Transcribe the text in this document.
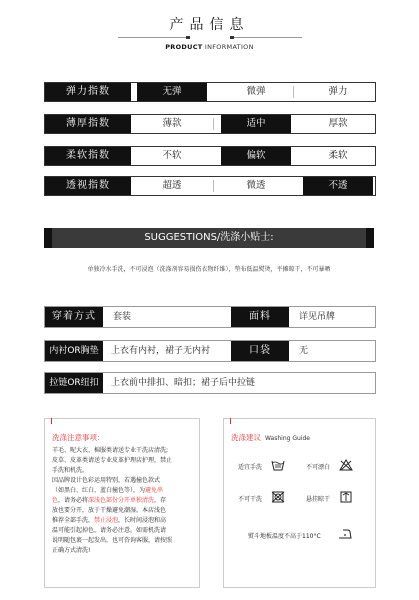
产品信息
PRODUCT INFORMATION
弹力指数	无弹	微弹	弹力
薄厚指数	薄款	适中	厚款
柔软指数	不软	偏软	柔软
透视指数	超透	微透	不透
SUGGESTIONS/洗涤小贴士:
单独冷水手洗，不可浸泡（洗涤剂容易损伤衣物纤维），垫布低温熨烫，平摊晾干，不可暴晒
穿着方式	套装	面料	详见吊牌
内衬OR胸垫	上衣有内衬，裙子无内衬	口袋	无
拉链OR纽扣	上衣前中排扣、暗扣；裙子后中拉链
洗涤注意事项：
羊毛、呢大衣、棉服类请送专业干洗店清洗;
皮草、皮革类请送专业皮革护理店护理，禁止
手洗和机洗。
因品牌设计色彩运用特别，若遇撞色款式
（如黑白、红白、蓝白撞色等），为避免串
色，请务必将深浅色部份分开单独清洗，存
放也要分开，放于干燥避免潮湿。本店浅色
推荐全部手洗，禁止浸泡，长时间浸泡和高
温可能引起掉色，请务必注意。如需机洗请
说明随包裹一起发出，也可咨询客服，请按照
正确方式清洗!
洗涤建议 Washing Guide
适宜手洗	不可漂白
不可干洗	悬挂晾干
熨斗地板温度不高于110°C
